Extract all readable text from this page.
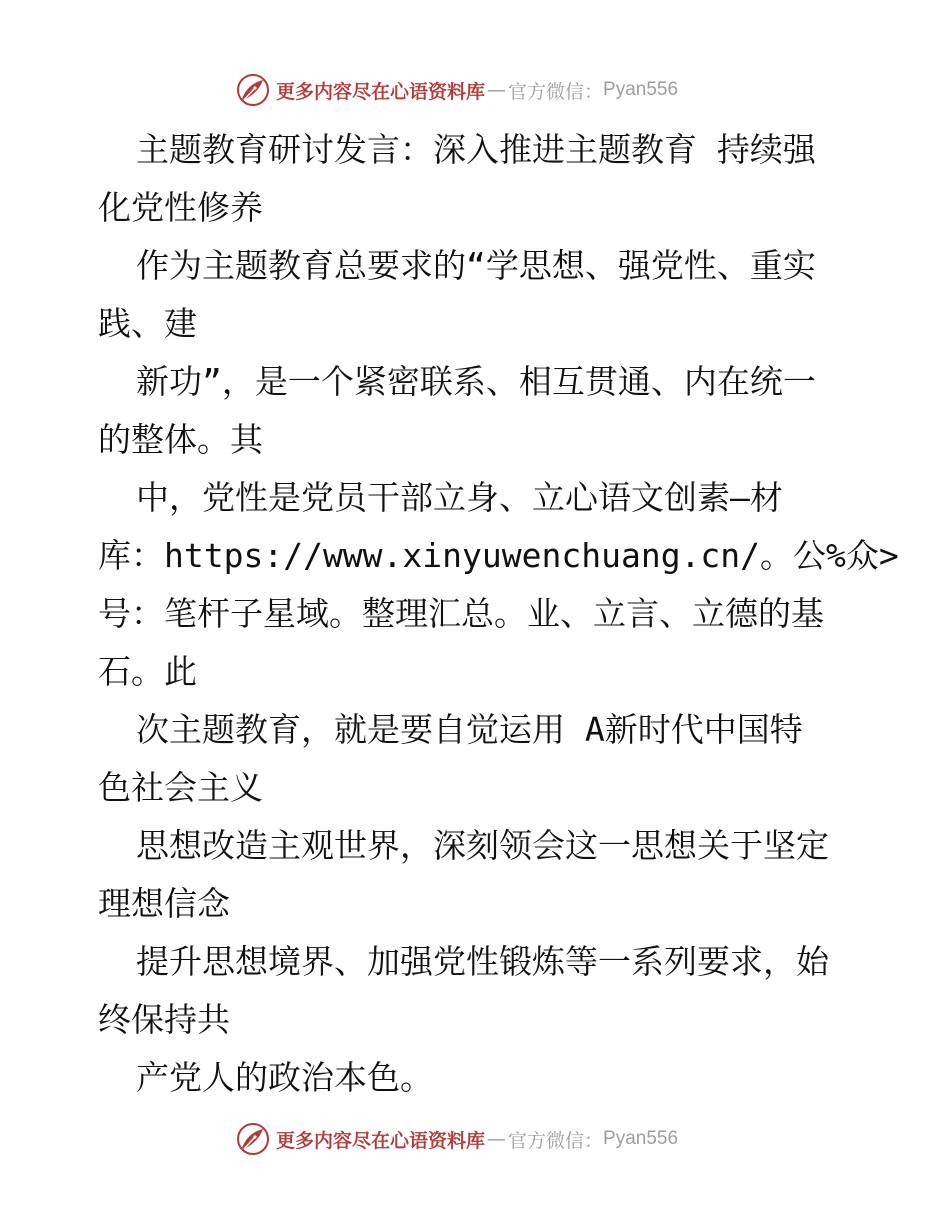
更多内容尽在心语资料库 — 官方微信： Pyan556
主题教育研讨发言：深入推进主题教育 持续强
化党性修养
作为主题教育总要求的“学思想、强党性、重实
践、建
新功”，是一个紧密联系、相互贯通、内在统一
的整体。其
中，党性是党员干部立身、立心语文创素—材
库：https://www.xinyuwenchuang.cn/。公%众>
号：笔杆子星域。整理汇总。业、立言、立德的基
石。此
次主题教育，就是要自觉运用 A新时代中国特
色社会主义
思想改造主观世界，深刻领会这一思想关于坚定
理想信念
提升思想境界、加强党性锻炼等一系列要求，始
终保持共
产党人的政治本色。
更多内容尽在心语资料库 — 官方微信： Pyan556
